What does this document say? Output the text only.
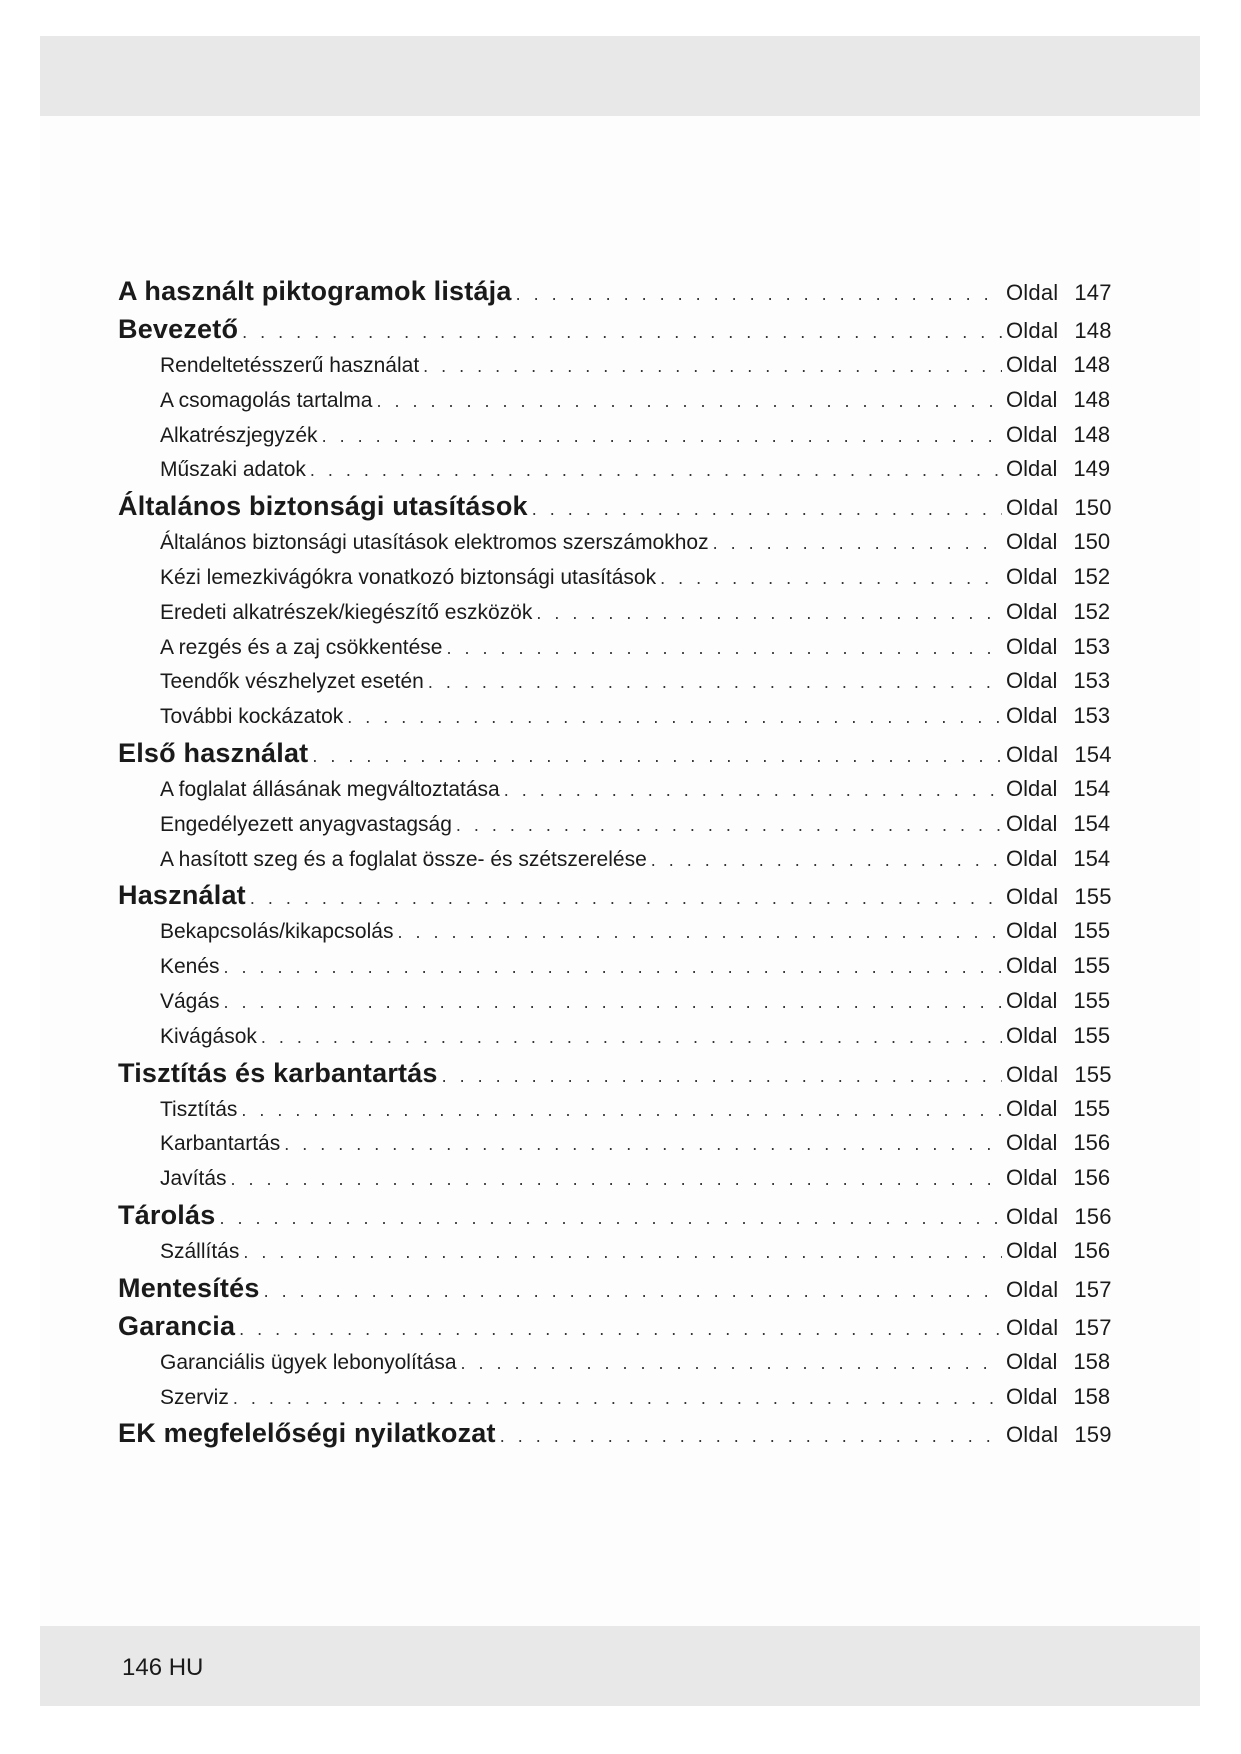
A használt piktogramok listája . . .	Oldal 147
Bevezető . . .	Oldal 148
Rendeltetésszerű használat . . .	Oldal 148
A csomagolás tartalma . . .	Oldal 148
Alkatrészjegyzék . . .	Oldal 148
Műszaki adatok . . .	Oldal 149
Általános biztonsági utasítások . . .	Oldal 150
Általános biztonsági utasítások elektromos szerszámokhoz . . .	Oldal 150
Kézi lemezkivágókra vonatkozó biztonsági utasítások . . .	Oldal 152
Eredeti alkatrészek/kiegészítő eszközök . . .	Oldal 152
A rezgés és a zaj csökkentése . . .	Oldal 153
Teendők vészhelyzet esetén . . .	Oldal 153
További kockázatok . . .	Oldal 153
Első használat . . .	Oldal 154
A foglalat állásának megváltoztatása . . .	Oldal 154
Engedélyezett anyagvastagság . . .	Oldal 154
A hasított szeg és a foglalat össze- és szétszerelése . . .	Oldal 154
Használat . . .	Oldal 155
Bekapcsolás/kikapcsolás . . .	Oldal 155
Kenés . . .	Oldal 155
Vágás . . .	Oldal 155
Kivágások . . .	Oldal 155
Tisztítás és karbantartás . . .	Oldal 155
Tisztítás . . .	Oldal 155
Karbantartás . . .	Oldal 156
Javítás . . .	Oldal 156
Tárolás . . .	Oldal 156
Szállítás . . .	Oldal 156
Mentesítés . . .	Oldal 157
Garancia . . .	Oldal 157
Garanciális ügyek lebonyolítása . . .	Oldal 158
Szerviz . . .	Oldal 158
EK megfelelőségi nyilatkozat . . .	Oldal 159
146 HU
